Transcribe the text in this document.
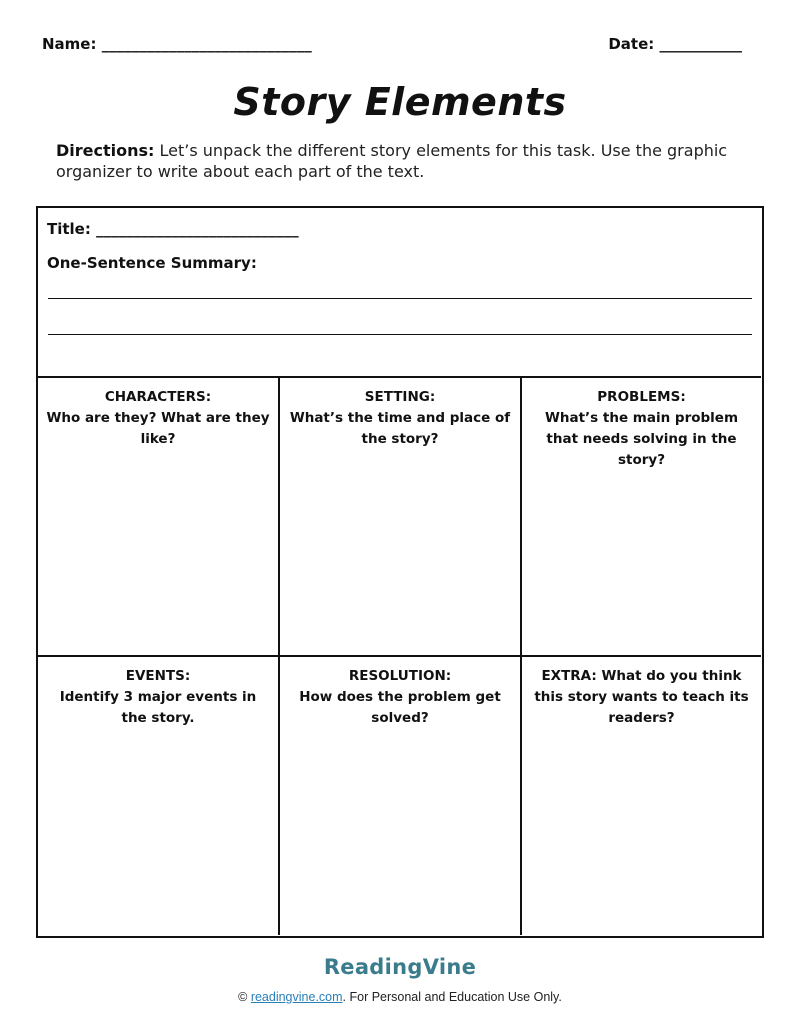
Name: ____________________________	Date: ___________
Story Elements
Directions: Let’s unpack the different story elements for this task. Use the graphic organizer to write about each part of the text.
Title: ___________________________
One-Sentence Summary:
CHARACTERS:
Who are they? What are they like?
SETTING:
What’s the time and place of the story?
PROBLEMS:
What’s the main problem that needs solving in the story?
EVENTS:
Identify 3 major events in the story.
RESOLUTION:
How does the problem get solved?
EXTRA: What do you think this story wants to teach its readers?
ReadingVine
© readingvine.com. For Personal and Education Use Only.
